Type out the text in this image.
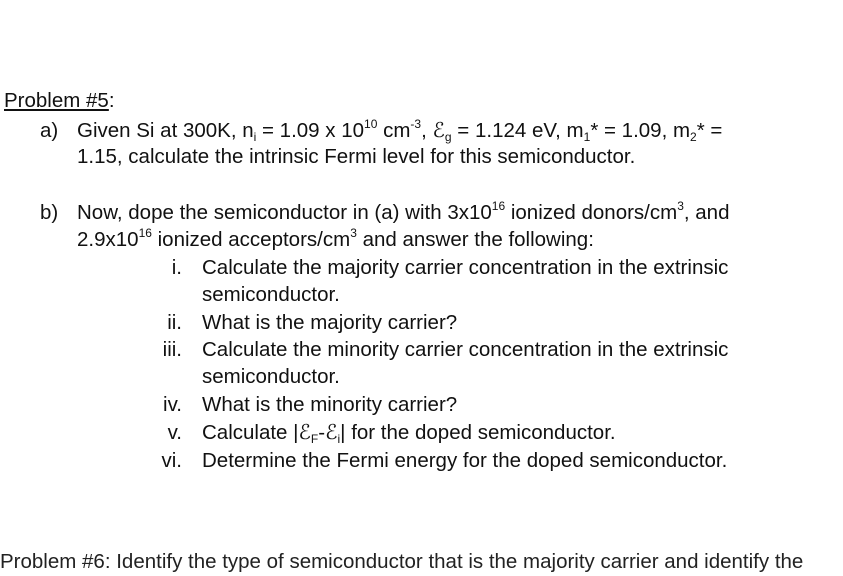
Problem #5:
a) Given Si at 300K, $n_i = 1.09$ x $10^{10}$ $cm^{-3}$, ℰ$_g$ = 1.124 eV, $m_1* = 1.09$, $m_2*$ =
1.15, calculate the intrinsic Fermi level for this semiconductor.
b) Now, dope the semiconductor in (a) with $3x10^{16}$ ionized donors/$cm^3$, and
$2.9x10^{16}$ ionized acceptors/$cm^3$ and answer the following:
i. Calculate the majority carrier concentration in the extrinsic
semiconductor.
ii. What is the majority carrier?
iii. Calculate the minority carrier concentration in the extrinsic
semiconductor.
iv. What is the minority carrier?
v. Calculate |ℰ$_F$-ℰ$_i$| for the doped semiconductor.
vi. Determine the Fermi energy for the doped semiconductor.
Problem #6: Identify the type of semiconductor that is the majority carrier and identify the
